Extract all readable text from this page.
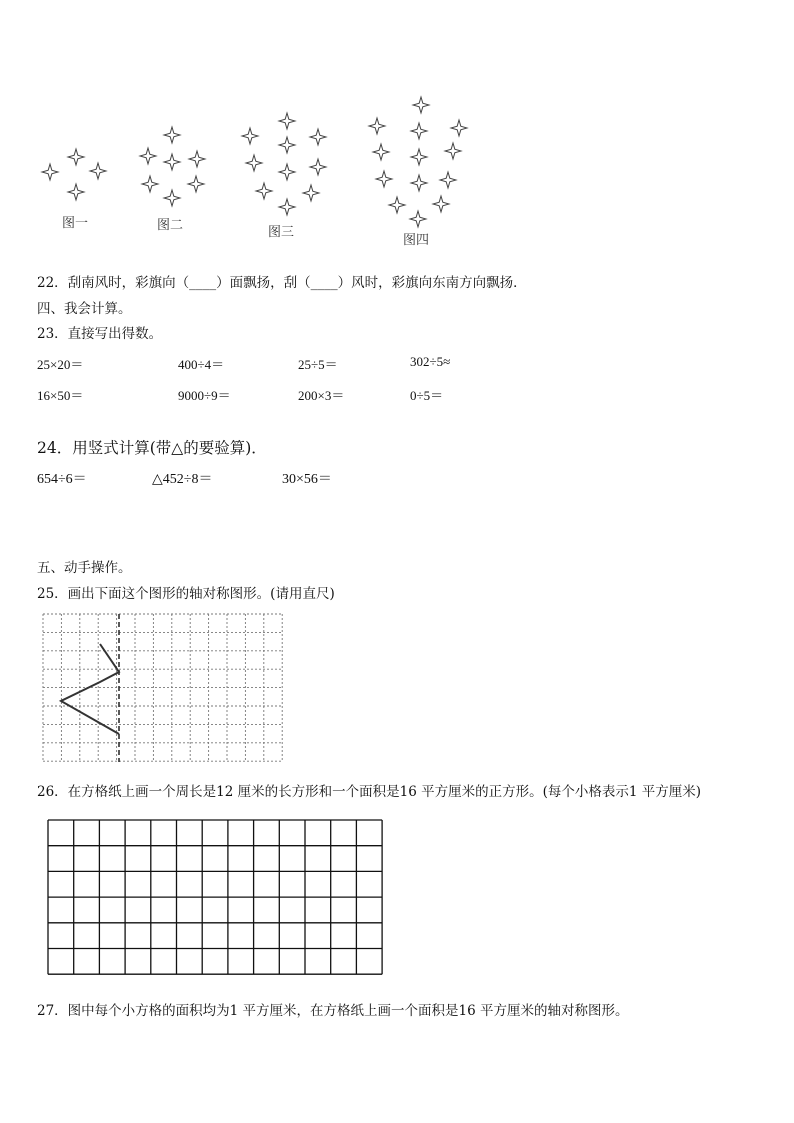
图一	图二	图三
图四
22．刮南风时，彩旗向（____）面飘扬，刮（____）风时，彩旗向东南方向飘扬．
四、我会计算。
23．直接写出得数。
25×20＝	400÷4＝	25÷5＝	302÷5≈
16×50＝	9000÷9＝	200×3＝	0÷5＝
24．用竖式计算(带△的要验算)．
654÷6＝	△452÷8＝	30×56＝
五、动手操作。
25．画出下面这个图形的轴对称图形。(请用直尺)
26．在方格纸上画一个周长是12 厘米的长方形和一个面积是16 平方厘米的正方形。(每个小格表示1 平方厘米)
27．图中每个小方格的面积均为1 平方厘米，在方格纸上画一个面积是16 平方厘米的轴对称图形。
